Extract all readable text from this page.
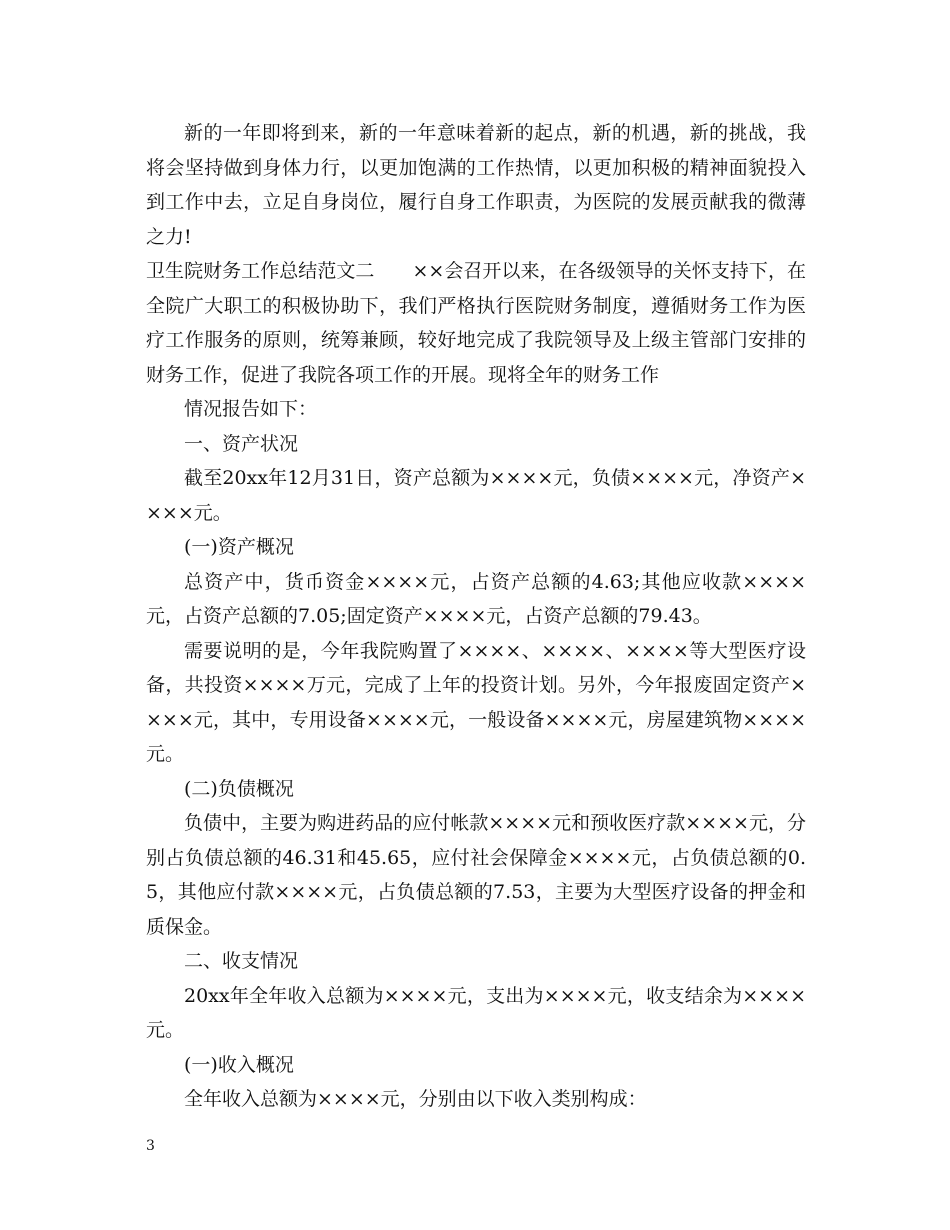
新的一年即将到来，新的一年意味着新的起点，新的机遇，新的挑战，我将会坚持做到身体力行，以更加饱满的工作热情，以更加积极的精神面貌投入到工作中去，立足自身岗位，履行自身工作职责，为医院的发展贡献我的微薄之力!

卫生院财务工作总结范文二 ××会召开以来，在各级领导的关怀支持下，在全院广大职工的积极协助下，我们严格执行医院财务制度，遵循财务工作为医疗工作服务的原则，统筹兼顾，较好地完成了我院领导及上级主管部门安排的财务工作，促进了我院各项工作的开展。现将全年的财务工作

情况报告如下：

一、资产状况

截至20xx年12月31日，资产总额为××××元，负债××××元，净资产××××元。

(一)资产概况

总资产中，货币资金××××元，占资产总额的4.63;其他应收款××××元，占资产总额的7.05;固定资产××××元，占资产总额的79.43。

需要说明的是，今年我院购置了××××、××××、××××等大型医疗设备，共投资××××万元，完成了上年的投资计划。另外，今年报废固定资产××××元，其中，专用设备××××元，一般设备××××元，房屋建筑物××××元。

(二)负债概况

负债中，主要为购进药品的应付帐款××××元和预收医疗款××××元，分别占负债总额的46.31和45.65，应付社会保障金××××元，占负债总额的0.5，其他应付款××××元，占负债总额的7.53，主要为大型医疗设备的押金和质保金。

二、收支情况

20xx年全年收入总额为××××元，支出为××××元，收支结余为××××元。

(一)收入概况

全年收入总额为××××元，分别由以下收入类别构成：

3
